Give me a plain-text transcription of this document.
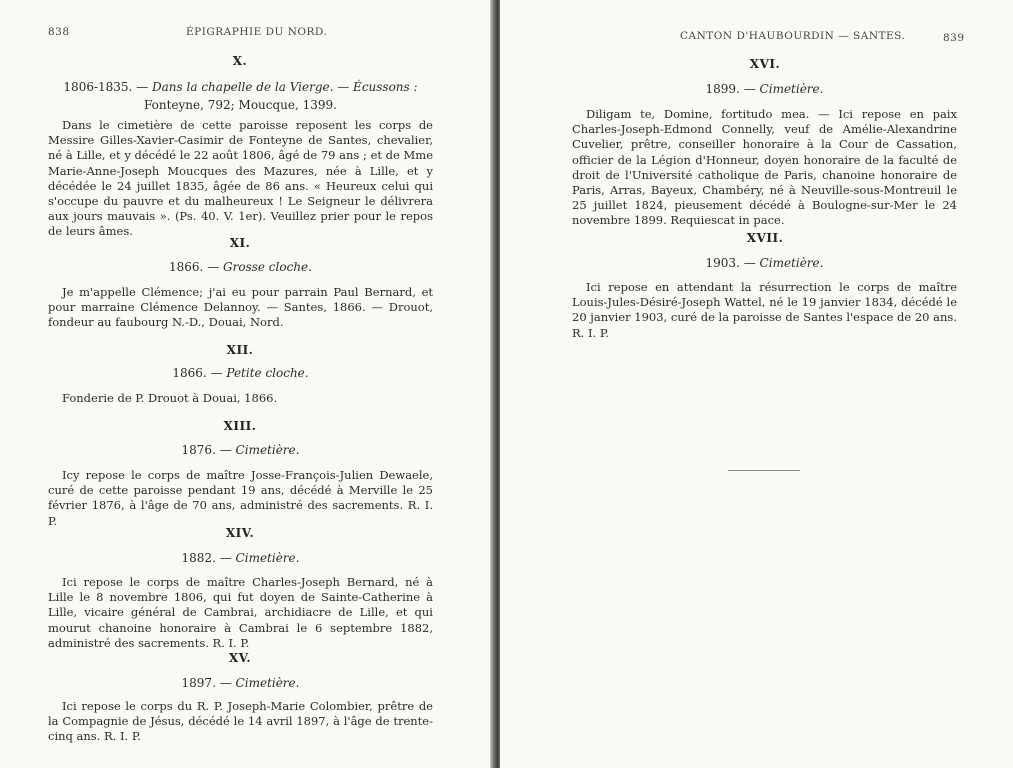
838	ÉPIGRAPHIE DU NORD.
X.
1806-1835. — Dans la chapelle de la Vierge. — Écussons :
Fonteyne, 792; Moucque, 1399.

Dans le cimetière de cette paroisse reposent les corps de Messire Gilles-Xavier-Casimir de Fonteyne de Santes, chevalier, né à Lille, et y décédé le 22 août 1806, âgé de 79 ans ; et de Mme Marie-Anne-Joseph Moucques des Mazures, née à Lille, et y décédée le 24 juillet 1835, âgée de 86 ans. « Heureux celui qui s'occupe du pauvre et du malheureux ! Le Seigneur le délivrera aux jours mauvais ». (Ps. 40. V. 1er). Veuillez prier pour le repos de leurs âmes.

XI.
1866. — Grosse cloche.

Je m'appelle Clémence; j'ai eu pour parrain Paul Bernard, et pour marraine Clémence Delannoy. — Santes, 1866. — Drouot, fondeur au faubourg N.-D., Douai, Nord.

XII.
1866. — Petite cloche.

Fonderie de P. Drouot à Douai, 1866.

XIII.
1876. — Cimetière.

Icy repose le corps de maître Josse-François-Julien Dewaele, curé de cette paroisse pendant 19 ans, décédé à Merville le 25 février 1876, à l'âge de 70 ans, administré des sacrements. R. I. P.

XIV.
1882. — Cimetière.

Ici repose le corps de maître Charles-Joseph Bernard, né à Lille le 8 novembre 1806, qui fut doyen de Sainte-Catherine à Lille, vicaire général de Cambrai, archidiacre de Lille, et qui mourut chanoine honoraire à Cambrai le 6 septembre 1882, administré des sacrements. R. I. P.

XV.
1897. — Cimetière.

Ici repose le corps du R. P. Joseph-Marie Colombier, prêtre de la Compagnie de Jésus, décédé le 14 avril 1897, à l'âge de trente-cinq ans. R. I. P.

CANTON D'HAUBOURDIN — SANTES.	839
XVI.
1899. — Cimetière.

Diligam te, Domine, fortitudo mea. — Ici repose en paix Charles-Joseph-Edmond Connelly, veuf de Amélie-Alexandrine Cuvelier, prêtre, conseiller honoraire à la Cour de Cassation, officier de la Légion d'Honneur, doyen honoraire de la faculté de droit de l'Université catholique de Paris, chanoine honoraire de Paris, Arras, Bayeux, Chambéry, né à Neuville-sous-Montreuil le 25 juillet 1824, pieusement décédé à Boulogne-sur-Mer le 24 novembre 1899. Requiescat in pace.

XVII.
1903. — Cimetière.

Ici repose en attendant la résurrection le corps de maître Louis-Jules-Désiré-Joseph Wattel, né le 19 janvier 1834, décédé le 20 janvier 1903, curé de la paroisse de Santes l'espace de 20 ans. R. I. P.
